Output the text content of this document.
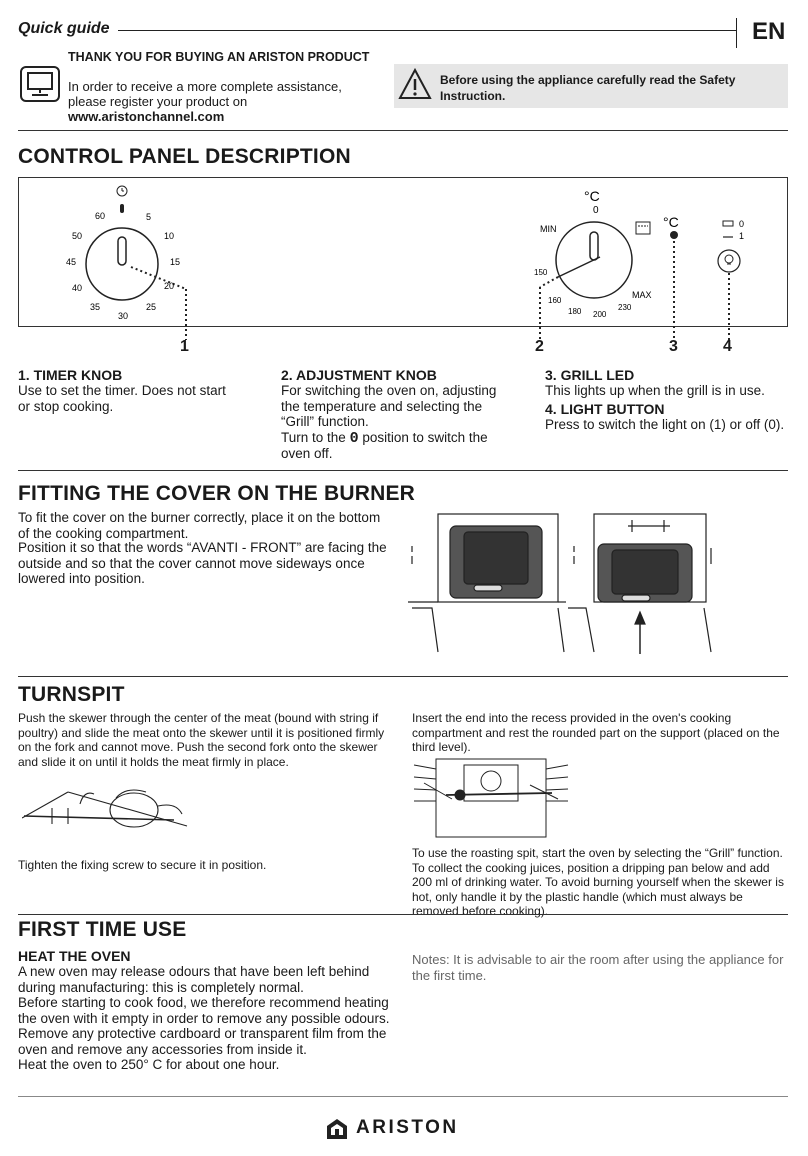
Quick guide	EN
THANK YOU FOR BUYING AN ARISTON PRODUCT
In order to receive a more complete assistance, please register your product on
www.aristonchannel.com
Before using the appliance carefully read the Safety Instruction.
CONTROL PANEL DESCRIPTION
60	5
10
15
20
25
30
35
40
45
50
°C
0
MIN
150
160
180 200
230
MAX
°C	0
1
1	2	3	4
1. TIMER KNOB
Use to set the timer. Does not start or stop cooking.
2. ADJUSTMENT KNOB
For switching the oven on, adjusting the temperature and selecting the “Grill” function.
Turn to the 0 position to switch the oven off.
3. GRILL LED
This lights up when the grill is in use.
4. LIGHT BUTTON
Press to switch the light on (1) or off (0).
FITTING THE COVER ON THE BURNER
To fit the cover on the burner correctly, place it on the bottom of the cooking compartment.
Position it so that the words “AVANTI - FRONT” are facing the outside and so that the cover cannot move sideways once lowered into position.
TURNSPIT
Push the skewer through the center of the meat (bound with string if poultry) and slide the meat onto the skewer until it is positioned firmly on the fork and cannot move. Push the second fork onto the skewer and slide it on until it holds the meat firmly in place.
Tighten the fixing screw to secure it in position.
Insert the end into the recess provided in the oven's cooking compartment and rest the rounded part on the support (placed on the third level).
To use the roasting spit, start the oven by selecting the “Grill” function. To collect the cooking juices, position a dripping pan below and add 200 ml of drinking water. To avoid burning yourself when the skewer is hot, only handle it by the plastic handle (which must always be removed before cooking).
FIRST TIME USE
HEAT THE OVEN
A new oven may release odours that have been left behind during manufacturing: this is completely normal.
Before starting to cook food, we therefore recommend heating the oven with it empty in order to remove any possible odours.
Remove any protective cardboard or transparent film from the oven and remove any accessories from inside it.
Heat the oven to 250° C for about one hour.
Notes: It is advisable to air the room after using the appliance for the first time.
ARISTON
